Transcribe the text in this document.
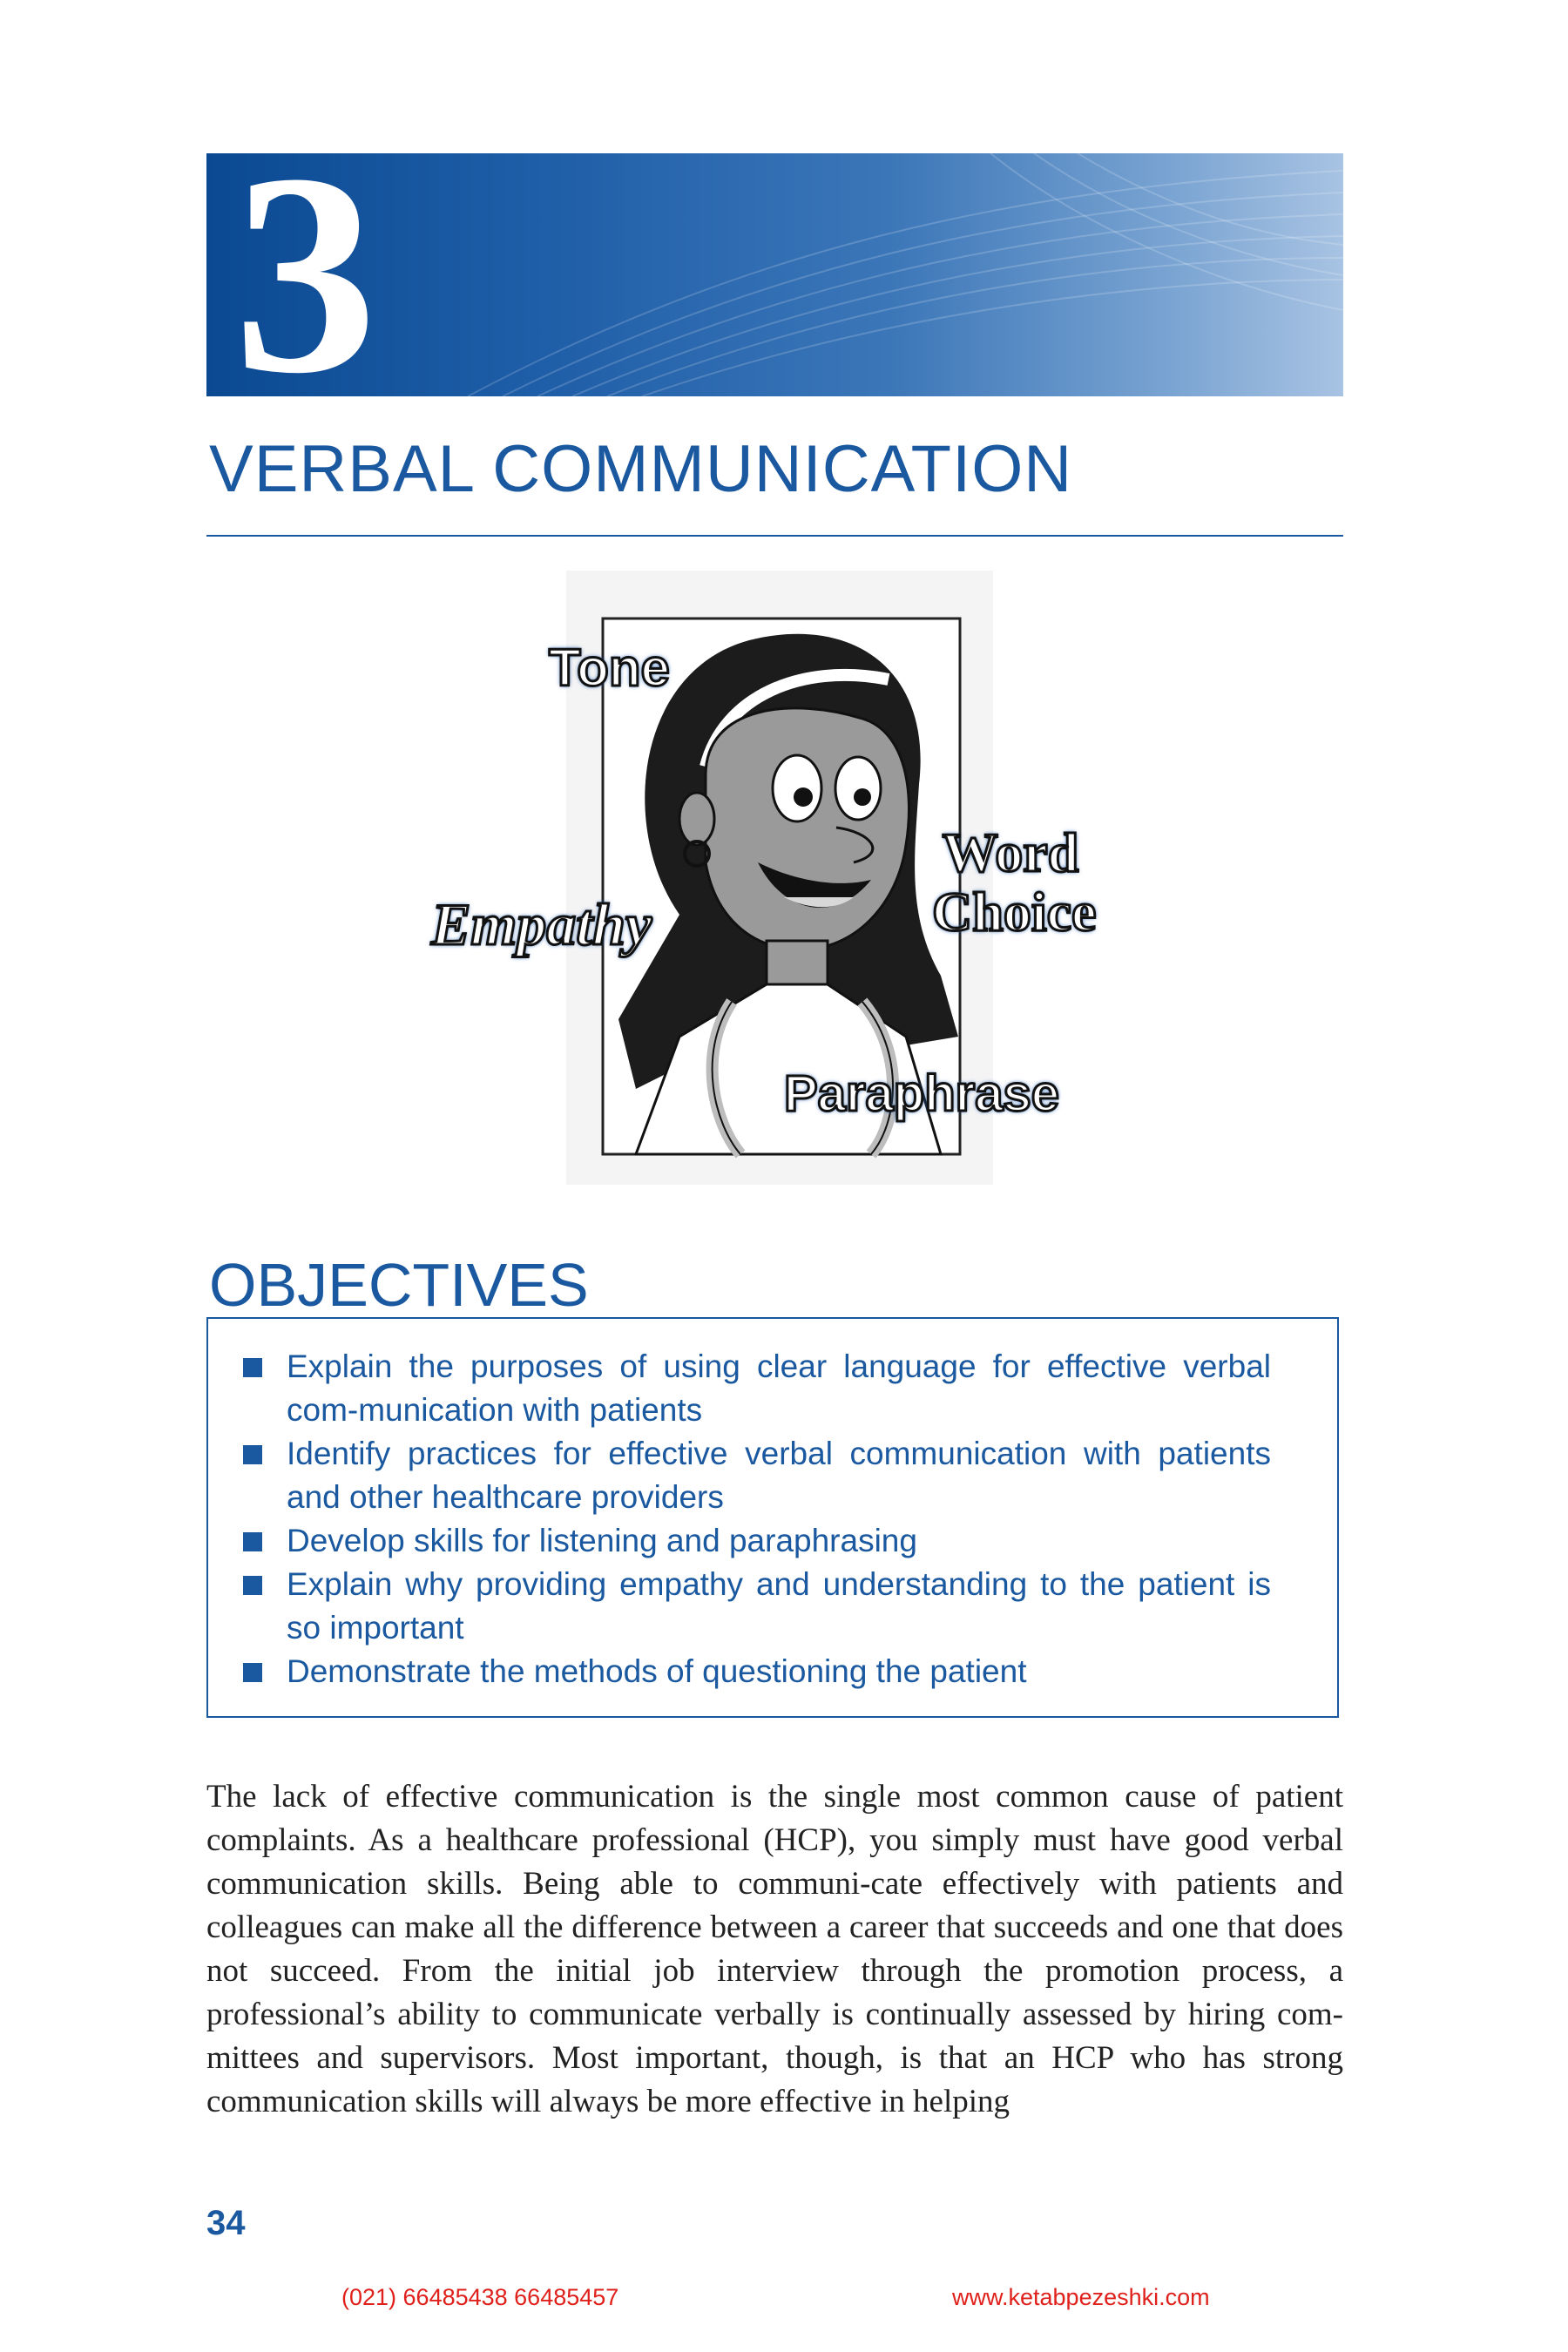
3
VERBAL COMMUNICATION
Tone
Word Choice
Empathy
Paraphrase
OBJECTIVES
Explain the purposes of using clear language for effective verbal com-munication with patients
Identify practices for effective verbal communication with patients and other healthcare providers
Develop skills for listening and paraphrasing
Explain why providing empathy and understanding to the patient is so important
Demonstrate the methods of questioning the patient

The lack of effective communication is the single most common cause of patient complaints. As a healthcare professional (HCP), you simply must have good verbal communication skills. Being able to communi-cate effectively with patients and colleagues can make all the difference between a career that succeeds and one that does not succeed. From the initial job interview through the promotion process, a professional’s ability to communicate verbally is continually assessed by hiring com-mittees and supervisors. Most important, though, is that an HCP who has strong communication skills will always be more effective in helping

34

(021) 66485438 66485457	www.ketabpezeshki.com
